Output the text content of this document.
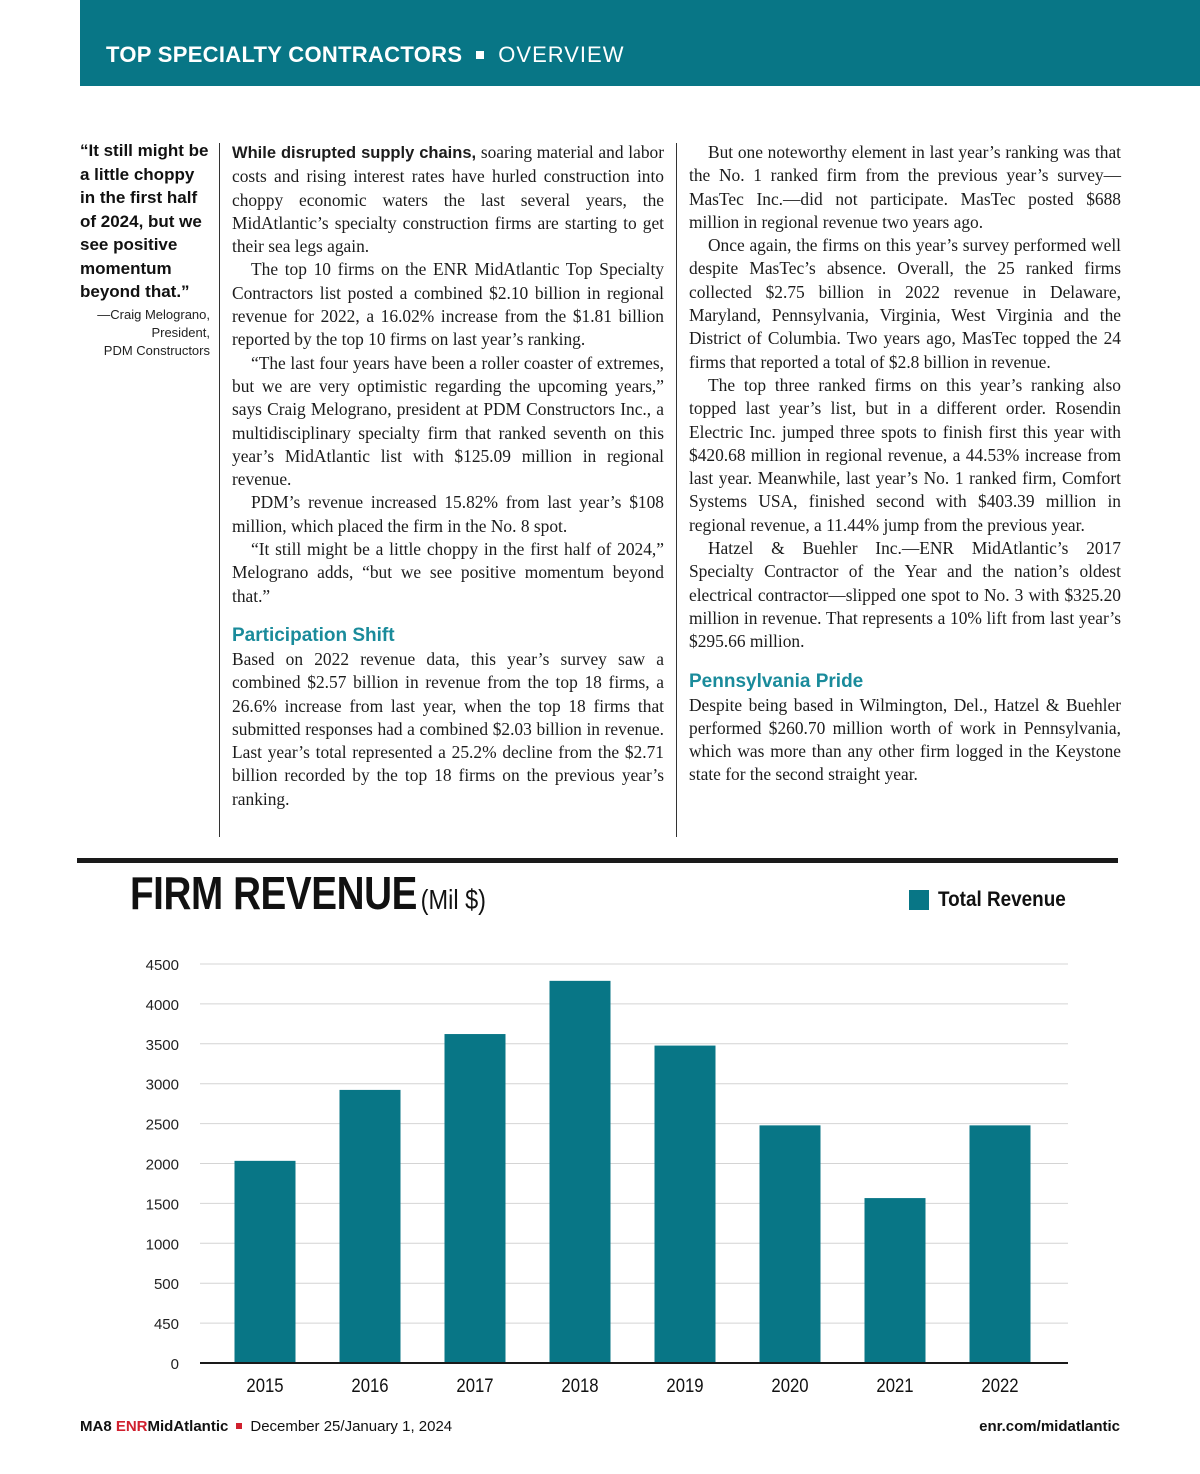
TOP SPECIALTY CONTRACTORS OVERVIEW
“It still might be a little choppy in the first half of 2024, but we see positive momentum beyond that.”
—Craig Melograno,
President,
PDM Constructors

While disrupted supply chains, soaring material and labor costs and rising interest rates have hurled construction into choppy economic waters the last several years, the MidAtlantic’s specialty construction firms are starting to get their sea legs again.

The top 10 firms on the ENR MidAtlantic Top Specialty Contractors list posted a combined $2.10 billion in regional revenue for 2022, a 16.02% increase from the $1.81 billion reported by the top 10 firms on last year’s ranking.

“The last four years have been a roller coaster of extremes, but we are very optimistic regarding the upcoming years,” says Craig Melograno, president at PDM Constructors Inc., a multidisciplinary specialty firm that ranked seventh on this year’s MidAtlantic list with $125.09 million in regional revenue.

PDM’s revenue increased 15.82% from last year’s $108 million, which placed the firm in the No. 8 spot.

“It still might be a little choppy in the first half of 2024,” Melograno adds, “but we see positive momentum beyond that.”

Participation Shift

Based on 2022 revenue data, this year’s survey saw a combined $2.57 billion in revenue from the top 18 firms, a 26.6% increase from last year, when the top 18 firms that submitted responses had a combined $2.03 billion in revenue. Last year’s total represented a 25.2% decline from the $2.71 billion recorded by the top 18 firms on the previous year’s ranking.

But one noteworthy element in last year’s ranking was that the No. 1 ranked firm from the previous year’s survey—MasTec Inc.—did not participate. MasTec posted $688 million in regional revenue two years ago.

Once again, the firms on this year’s survey performed well despite MasTec’s absence. Overall, the 25 ranked firms collected $2.75 billion in 2022 revenue in Delaware, Maryland, Pennsylvania, Virginia, West Virginia and the District of Columbia. Two years ago, MasTec topped the 24 firms that reported a total of $2.8 billion in revenue.

The top three ranked firms on this year’s ranking also topped last year’s list, but in a different order. Rosendin Electric Inc. jumped three spots to finish first this year with $420.68 million in regional revenue, a 44.53% increase from last year. Meanwhile, last year’s No. 1 ranked firm, Comfort Systems USA, finished second with $403.39 million in regional revenue, a 11.44% jump from the previous year.

Hatzel & Buehler Inc.—ENR MidAtlantic’s 2017 Specialty Contractor of the Year and the nation’s oldest electrical contractor—slipped one spot to No. 3 with $325.20 million in revenue. That represents a 10% lift from last year’s $295.66 million.

Pennsylvania Pride

Despite being based in Wilmington, Del., Hatzel & Buehler performed $260.70 million worth of work in Pennsylvania, which was more than any other firm logged in the Keystone state for the second straight year.

FIRM REVENUE (Mil $)	Total Revenue
0
450
500
1000
1500
2000
2500
3000
3500
4000
4500
2015	2016	2017	2018	2019	2020	2021	2022
MA8 ENRMidAtlantic December 25/January 1, 2024	enr.com/midatlantic
